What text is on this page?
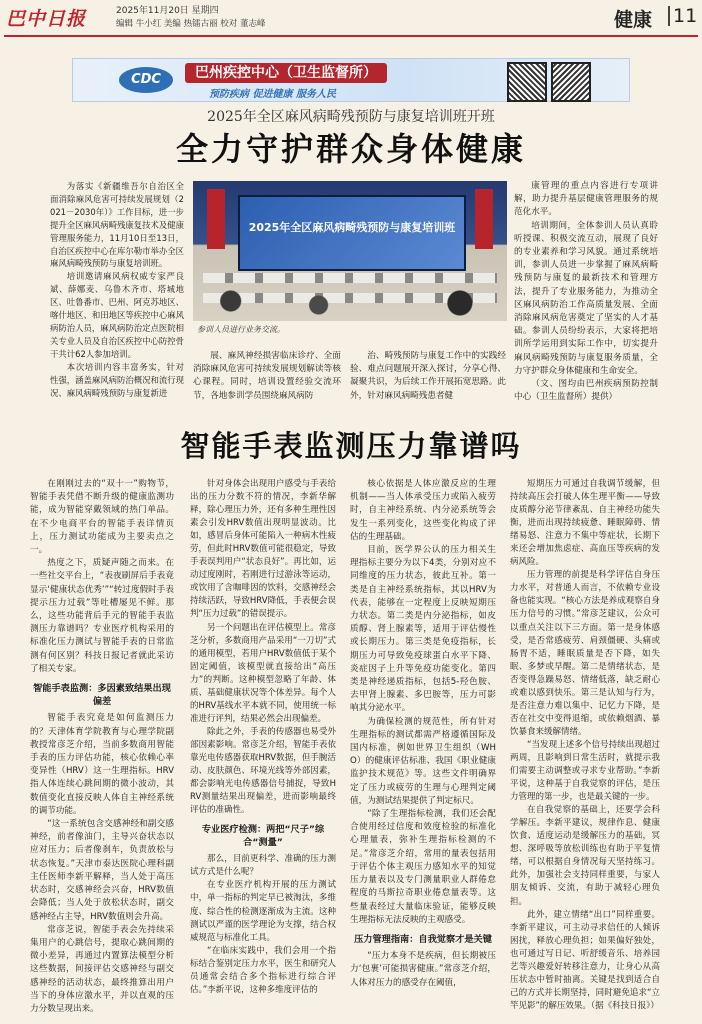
巴中日报	2025年11月20日 星期四
编辑 牛小红 美编 热镭古丽 校对 董志峰	健康 11
CDC	巴州疾控中心（卫生监督所）
预防疾病 促进健康 服务人民
2025年全区麻风病畸残预防与康复培训班开班
全力守护群众身体健康

为落实《新疆维吾尔自治区全面消除麻风危害可持续发展规划（2021－2030年）》工作目标，进一步提升全区麻风病畸残康复技术及健康管理服务能力，11月10日至13日，自治区疾控中心在库尔勒市举办全区麻风病畸残预防与康复培训班。

培训邀请麻风病权威专家严良斌、薛娜麦、乌鲁木齐市、塔城地区、吐鲁番市、巴州、阿克苏地区、喀什地区、和田地区等疾控中心麻风病防治人员，麻风病防治定点医院相关专业人员及自治区疾控中心防控骨干共计62人参加培训。

本次培训内容丰富务实，针对性强，涵盖麻风病防治概况和流行现况、麻风病畸残预防与康复新进

2025年全区麻风病畸残预防与康复培训班
参训人员进行业务交流。

展、麻风神经损害临床诊疗、全面消除麻风危害可持续发展规划解读等核心课程。同时，培训设置经验交流环节，各地参训学员围绕麻风病防

治、畸残预防与康复工作中的实践经验、难点问题展开深入探讨，分享心得、凝聚共识，为后续工作开展拓宽思路。此外，针对麻风病畸残患者健

康管理的重点内容进行专项讲解，助力提升基层健康管理服务的规范化水平。

培训期间，全体参训人员认真聆听授课、积极交流互动，展现了良好的专业素养和学习风貌。通过系统培训，参训人员进一步掌握了麻风病畸残预防与康复的最新技术和管理方法，提升了专业服务能力，为推动全区麻风病防治工作高质量发展、全面消除麻风病危害奠定了坚实的人才基础。参训人员纷纷表示，大家将把培训所学运用到实际工作中，切实提升麻风病畸残预防与康复服务质量，全力守护群众身体健康和生命安全。

（文、图均由巴州疾病预防控制中心（卫生监督所）提供）

智能手表监测压力靠谱吗

在刚刚过去的“双十一”购物节，智能手表凭借不断升级的健康监测功能，成为智能穿戴领域的热门单品。在不少电商平台的智能手表详情页上，压力测试功能成为主要卖点之一。

热度之下，质疑声随之而来。在一些社交平台上，“表夜刷屏后手表竟显示‘健康状态优秀’”“转过度假时手表提示压力过载”等吐槽屡见不鲜。那么，这些功能背后手元的智能手表监测压力靠谱吗？专业医疗机构采用的标准化压力测试与智能手表的日常监测有何区别？科技日报记者就此采访了相关专家。

智能手表监测：多因素致结果出现偏差

智能手表究竟是如何监测压力的？天津体育学院教育与心理学院副教授常彦芝介绍，当前多数商用智能手表的压力评估功能，核心依赖心率变异性（HRV）这一生理指标。HRV指人体连续心跳间期的微小波动，其数值变化直接反映人体自主神经系统的调节功能。

“这一系统包含交感神经和副交感神经，前者像油门，主导兴奋状态以应对压力；后者像刹车，负责放松与状态恢复。”天津市泰达医院心理科副主任医师李新平解释，当人处于高压状态时，交感神经会兴奋，HRV数值会降低；当人处于放松状态时，副交感神经占主导，HRV数值则会升高。

常彦芝说，智能手表会先持续采集用户的心跳信号，提取心跳间期的微小差异，再通过内置算法模型分析这些数据，间接评估交感神经与副交感神经的活动状态，最终推算出用户当下的身体应激水平，并以直观的压力分数呈现出来。

针对身体会出现用户感受与手表给出的压力分数不符的情况，李新华解释，除心理压力外，还有多种生理性因素会引发HRV数值出现明显波动。比如，感冒后身体可能陷入一种病木性疲劳，但此时HRV数值可能很稳定，导致手表误判用户“状态良好”。再比如，运动过度刚时，若刚进行过游泳等运动，或饮用了含咖啡因的饮料，交感神经会持续活跃，导致HRV降低，手表便会误判“压力过载”的错误提示。

另一个问题出在评估模型上。常彦芝分析，多数商用产品采用“一刀切”式的通用模型，若用户HRV数值低于某个固定阈值，该模型就直接给出“高压力”的判断。这种模型忽略了年龄、体质、基础健康状况等个体差异。每个人的HRV基线水平本就不同，使用统一标准进行评判，结果必然会出现偏差。

除此之外，手表的传感器也易受外部因素影响。常彦芝介绍，智能手表依靠光电传感器获取HRV数据，但手腕活动、皮肤颜色、环境光线等外部因素，都会影响光电传感器信号捕捉，导致HRV测量结果出现偏差，进而影响最终评估的准确性。

专业医疗检测：两把“尺子”综合“测量”

那么，目前更科学、准确的压力测试方式是什么呢？

在专业医疗机构开展的压力测试中，单一指标的判定早已被淘汰，多维度、综合性的检测逐渐成为主流。这种测试以严谨的医学理论为支撑，结合权威规范与标准化工具。

“在临床实践中，我们会用一个指标结合鉴别定压力水平，医生和研究人员通常会结合多个指标进行综合评估。”李新平说，这种多维度评估的

核心依据是人体应激反应的生理机制——当人体承受压力或陷入疲劳时，自主神经系统、内分泌系统等会发生一系列变化，这些变化构成了评估的生理基础。

目前，医学界公认的压力相关生理指标主要分为以下4类，分别对应不同维度的压力状态，彼此互补。第一类是自主神经系统指标，其以HRV为代表，能够在一定程度上反映短期压力状态。第二类是内分泌指标，如皮质醇、肾上腺素等，适用于评估慢性或长期压力。第三类是免疫指标，长期压力可导致免疫球蛋白水平下降、炎症因子上升等免疫功能变化。第四类是神经递质指标，包括5-羟色胺、去甲肾上腺素、多巴胺等，压力可影响其分泌水平。

为确保检测的规范性，所有针对生理指标的测试都需严格遵循国际及国内标准，例如世界卫生组织（WHO）的健康评估标准、我国《职业健康监护技术规范》等。这些文件明确界定了压力或疲劳的生理与心理判定阈值，为测试结果提供了判定标尺。

“除了生理指标检测，我们还会配合使用经过信度和效度检验的标准化心理量表，弥补生理指标检测的不足。”常彦芝介绍，常用的量表包括用于评估个体主观压力感知水平的知觉压力量表以及专门测量职业人群倦怠程度的马斯拉奇职业倦怠量表等。这些量表经过大量临床验证，能够反映生理指标无法反映的主观感受。

压力管理指南：自我觉察才是关键

“压力本身不是疾病，但长期被压力‘包裹’可能损害健康。”常彦芝介绍，人体对压力的感受存在阈值，

短期压力可通过自我调节缓解，但持续高压会打破人体生理平衡——导致皮质醇分泌节律紊乱、自主神经功能失衡，进而出现持续疲惫、睡眠障碍、情绪易怒、注意力不集中等症状，长期下来还会增加焦虑症、高血压等疾病的发病风险。

压力管理的前提是科学评估自身压力水平，对普通人而言，不依赖专业设备也能实现。“核心方法是养成观察自身压力信号的习惯。”常彦芝建议，公众可以重点关注以下三方面。第一是身体感受，是否常感疲劳、肩颈僵硬、头痛或肠胃不适，睡眠质量是否下降，如失眠、多梦或早醒。第二是情绪状态，是否变得急躁易怒、情绪低落，缺乏耐心或难以感到快乐。第三是认知与行为，是否注意力难以集中、记忆力下降，是否在社交中变得退缩，或依赖烟酒、暴饮暴食来缓解情绪。

“当发现上述多个信号持续出现超过两周，且影响到日常生活时，就提示我们需要主动调整或寻求专业帮助。”李新平说，这种基于自我觉察的评估，是压力管理的第一步，也是最关键的一步。

在自我觉察的基础上，还要学会科学解压。李新平建议，规律作息、健康饮食、适度运动是缓解压力的基础，冥想、深呼吸等放松训练也有助于平复情绪，可以根据自身情况每天坚持练习。此外，加强社会支持同样重要，与家人朋友倾诉、交流，有助于减轻心理负担。

此外，建立情绪“出口”同样重要。李新平建议，可主动寻求信任的人倾诉困扰，释放心理负担；如果偏好独处，也可通过写日记、听舒缓音乐、培养园艺等兴趣爱好转移注意力，让身心从高压状态中暂时抽离。关键是找到适合自己的方式并长期坚持，同时避免追求“立竿见影”的解压效果。（据《科技日报》）
